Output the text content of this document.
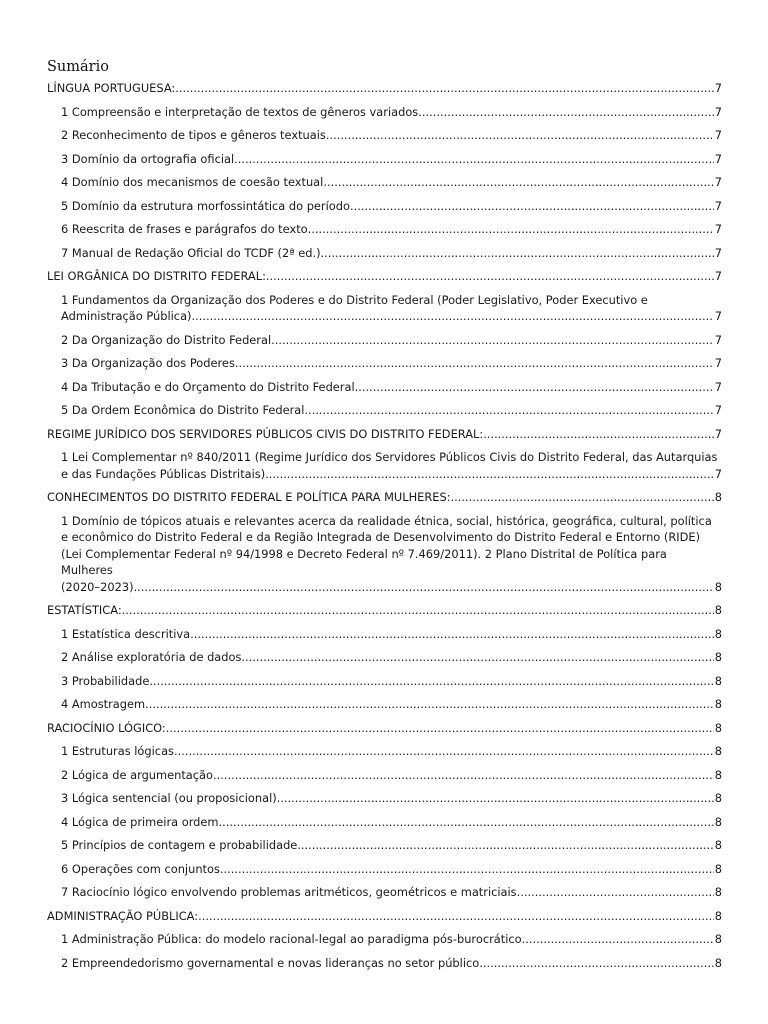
Sumário
LÍNGUA PORTUGUESA: .....	7
1 Compreensão e interpretação de textos de gêneros variados .....	7
2 Reconhecimento de tipos e gêneros textuais .....	7
3 Domínio da ortografia oficial .....	7
4 Domínio dos mecanismos de coesão textual .....	7
5 Domínio da estrutura morfossintática do período .....	7
6 Reescrita de frases e parágrafos do texto .....	7
7 Manual de Redação Oficial do TCDF (2ª ed.) .....	7
LEI ORGÂNICA DO DISTRITO FEDERAL: .....	7
1 Fundamentos da Organização dos Poderes e do Distrito Federal (Poder Legislativo, Poder Executivo e
Administração Pública) .....	7
2 Da Organização do Distrito Federal .....	7
3 Da Organização dos Poderes .....	7
4 Da Tributação e do Orçamento do Distrito Federal .....	7
5 Da Ordem Econômica do Distrito Federal .....	7
REGIME JURÍDICO DOS SERVIDORES PÚBLICOS CIVIS DO DISTRITO FEDERAL: .....	7
1 Lei Complementar nº 840/2011 (Regime Jurídico dos Servidores Públicos Civis do Distrito Federal, das Autarquias
e das Fundações Públicas Distritais) .....	7
CONHECIMENTOS DO DISTRITO FEDERAL E POLÍTICA PARA MULHERES: .....	8
1 Domínio de tópicos atuais e relevantes acerca da realidade étnica, social, histórica, geográfica, cultural, política e econômico do Distrito Federal e da Região Integrada de Desenvolvimento do Distrito Federal e Entorno (RIDE) (Lei Complementar Federal nº 94/1998 e Decreto Federal nº 7.469/2011). 2 Plano Distrital de Política para Mulheres
(2020–2023) .....	8
ESTATÍSTICA: .....	8
1 Estatística descritiva .....	8
2 Análise exploratória de dados .....	8
3 Probabilidade .....	8
4 Amostragem .....	8
RACIOCÍNIO LÓGICO: .....	8
1 Estruturas lógicas .....	8
2 Lógica de argumentação .....	8
3 Lógica sentencial (ou proposicional) .....	8
4 Lógica de primeira ordem .....	8
5 Princípios de contagem e probabilidade .....	8
6 Operações com conjuntos .....	8
7 Raciocínio lógico envolvendo problemas aritméticos, geométricos e matriciais .....	8
ADMINISTRAÇÃO PÚBLICA: .....	8
1 Administração Pública: do modelo racional-legal ao paradigma pós-burocrático .....	8
2 Empreendedorismo governamental e novas lideranças no setor público .....	8
